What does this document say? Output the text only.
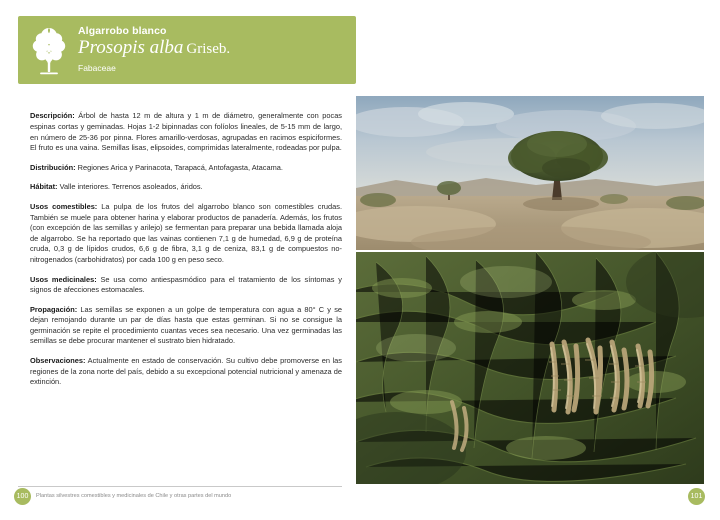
Algarrobo blanco
Prosopis alba Griseb.
Fabaceae

Descripción: Árbol de hasta 12 m de altura y 1 m de diámetro, generalmente con pocas espinas cortas y geminadas. Hojas 1-2 bipinnadas con folíolos lineales, de 5-15 mm de largo, en número de 25-36 por pinna. Flores amarillo-verdosas, agrupadas en racimos espiciformes. El fruto es una vaina. Semillas lisas, elipsoides, comprimidas lateralmente, rodeadas por pulpa.

Distribución: Regiones Arica y Parinacota, Tarapacá, Antofagasta, Atacama.

Hábitat: Valle interiores. Terrenos asoleados, áridos.

Usos comestibles: La pulpa de los frutos del algarrobo blanco son comestibles crudas. También se muele para obtener harina y elaborar productos de panadería. Además, los frutos (con excepción de las semillas y arilejo) se fermentan para preparar una bebida llamada aloja de algarrobo. Se ha reportado que las vainas contienen 7,1 g de humedad, 6,9 g de proteína cruda, 0,3 g de lípidos crudos, 6,6 g de fibra, 3,1 g de ceniza, 83,1 g de compuestos no-nitrogenados (carbohidratos) por cada 100 g en peso seco.

Usos medicinales: Se usa como antiespasmódico para el tratamiento de los síntomas y signos de afecciones estomacales.

Propagación: Las semillas se exponen a un golpe de temperatura con agua a 80° C y se dejan remojando durante un par de días hasta que estas germinan. Si no se consigue la germinación se repite el procedimiento cuantas veces sea necesario. Una vez germinadas las semillas se debe procurar mantener el sustrato bien hidratado.

Observaciones: Actualmente en estado de conservación. Su cultivo debe promoverse en las regiones de la zona norte del país, debido a su excepcional potencial nutricional y amenaza de extinción.

100	Plantas silvestres comestibles y medicinales de Chile y otras partes del mundo	101
